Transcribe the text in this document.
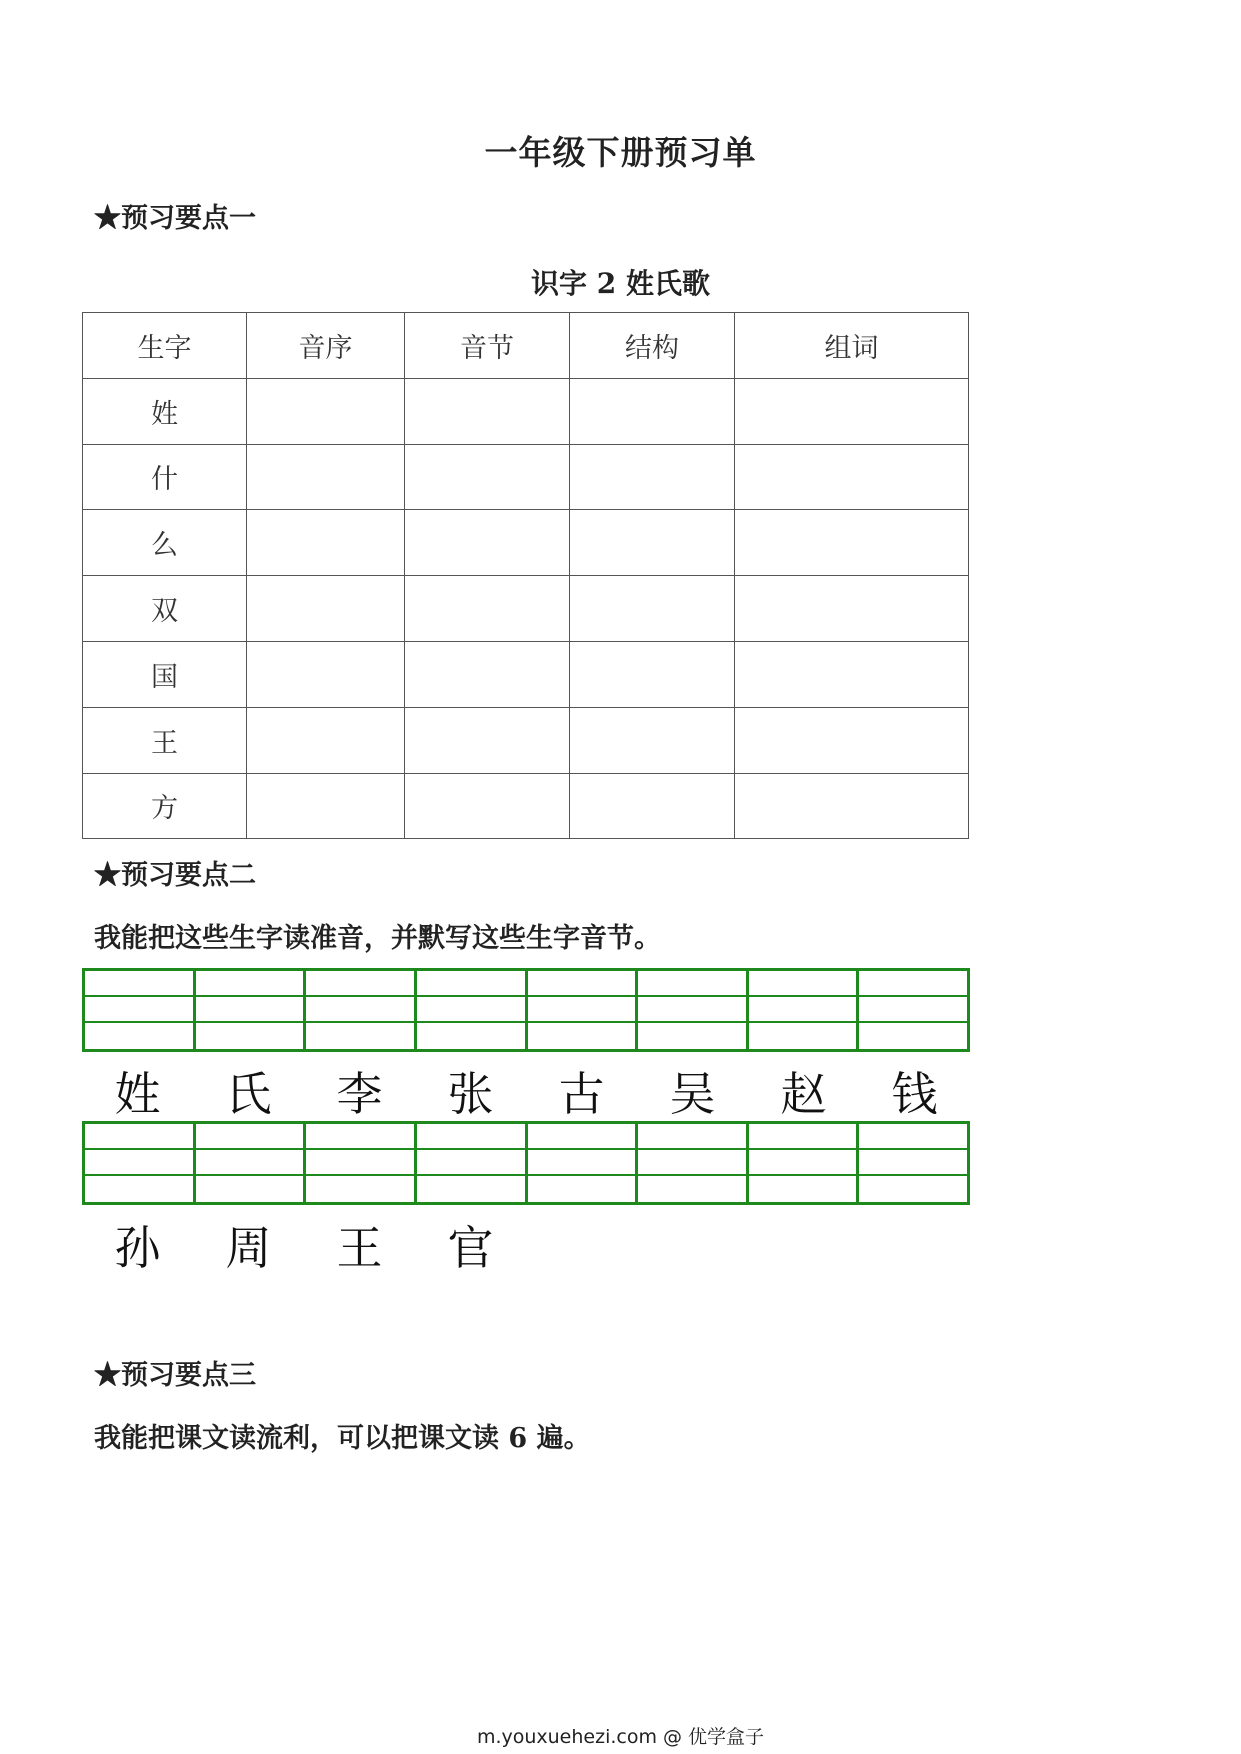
一年级下册预习单
★预习要点一
识字 2 姓氏歌
生字	音序	音节	结构	组词
姓				
什				
么				
双				
国				
王				
方				
★预习要点二
我能把这些生字读准音，并默写这些生字音节。
姓	氏	李	张	古	吴	赵	钱
孙	周	王	官
★预习要点三
我能把课文读流利，可以把课文读 6 遍。
m.youxuehezi.com @ 优学盒子
